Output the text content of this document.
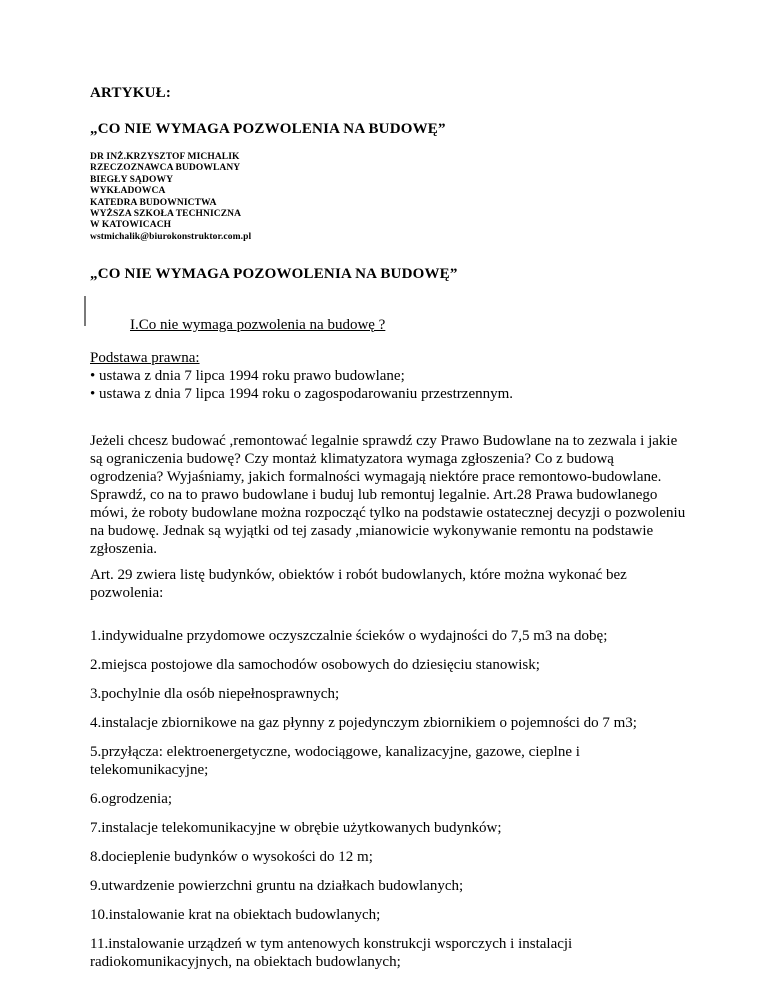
ARTYKUŁ:

„CO NIE WYMAGA POZWOLENIA NA BUDOWĘ”

DR INŻ.KRZYSZTOF MICHALIK
RZECZOZNAWCA BUDOWLANY
BIEGŁY SĄDOWY
WYKŁADOWCA
KATEDRA BUDOWNICTWA
WYŻSZA SZKOŁA TECHNICZNA
W KATOWICACH
wstmichalik@biurokonstruktor.com.pl

„CO NIE WYMAGA POZOWOLENIA NA BUDOWĘ”

I.Co nie wymaga pozwolenia na budowę ?

Podstawa prawna:
• ustawa z dnia 7 lipca 1994 roku prawo budowlane;
• ustawa z dnia 7 lipca 1994 roku o zagospodarowaniu przestrzennym.

Jeżeli chcesz budować ,remontować legalnie sprawdź czy Prawo Budowlane na to zezwala i jakie są ograniczenia budowę? Czy montaż klimatyzatora wymaga zgłoszenia? Co z budową ogrodzenia? Wyjaśniamy, jakich formalności wymagają niektóre prace remontowo-budowlane. Sprawdź, co na to prawo budowlane i buduj lub remontuj legalnie. Art.28 Prawa budowlanego mówi, że roboty budowlane można rozpocząć tylko na podstawie ostatecznej decyzji o pozwoleniu na budowę. Jednak są wyjątki od tej zasady ,mianowicie wykonywanie remontu na podstawie zgłoszenia.

Art. 29 zwiera listę budynków, obiektów i robót budowlanych, które można wykonać bez pozwolenia:

1.indywidualne przydomowe oczyszczalnie ścieków o wydajności do 7,5 m3 na dobę;
2.miejsca postojowe dla samochodów osobowych do dziesięciu stanowisk;
3.pochylnie dla osób niepełnosprawnych;
4.instalacje zbiornikowe na gaz płynny z pojedynczym zbiornikiem o pojemności do 7 m3;
5.przyłącza: elektroenergetyczne, wodociągowe, kanalizacyjne, gazowe, cieplne i telekomunikacyjne;
6.ogrodzenia;
7.instalacje telekomunikacyjne w obrębie użytkowanych budynków;
8.docieplenie budynków o wysokości do 12 m;
9.utwardzenie powierzchni gruntu na działkach budowlanych;
10.instalowanie krat na obiektach budowlanych;
11.instalowanie urządzeń w tym antenowych konstrukcji wsporczych i instalacji radiokomunikacyjnych, na obiektach budowlanych;
